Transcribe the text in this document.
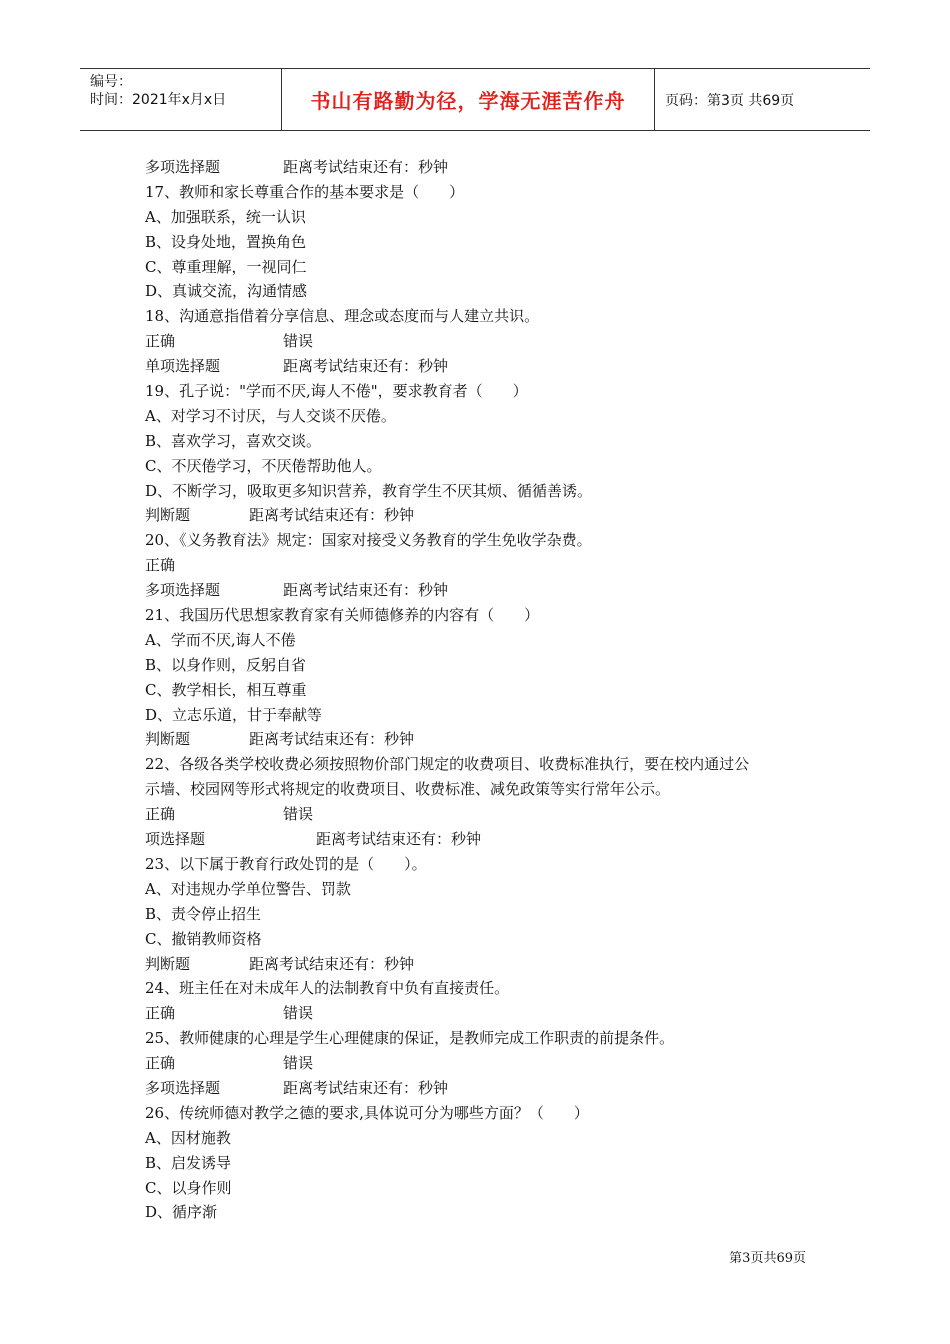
编号：
时间：2021年x月x日	书山有路勤为径，学海无涯苦作舟	页码：第3页 共69页
多项选择题	距离考试结束还有：秒钟
17、教师和家长尊重合作的基本要求是（　　）
A、加强联系，统一认识
B、设身处地，置换角色
C、尊重理解，一视同仁
D、真诚交流，沟通情感
18、沟通意指借着分享信息、理念或态度而与人建立共识。
正确	错误
单项选择题	距离考试结束还有：秒钟
19、孔子说："学而不厌,诲人不倦"，要求教育者（　　）
A、对学习不讨厌，与人交谈不厌倦。
B、喜欢学习，喜欢交谈。
C、不厌倦学习，不厌倦帮助他人。
D、不断学习，吸取更多知识营养，教育学生不厌其烦、循循善诱。
判断题	距离考试结束还有：秒钟
20、《义务教育法》规定：国家对接受义务教育的学生免收学杂费。
正确
多项选择题	距离考试结束还有：秒钟
21、我国历代思想家教育家有关师德修养的内容有（　　）
A、学而不厌,诲人不倦
B、以身作则，反躬自省
C、教学相长，相互尊重
D、立志乐道，甘于奉献等
判断题	距离考试结束还有：秒钟
22、各级各类学校收费必须按照物价部门规定的收费项目、收费标准执行，要在校内通过公
示墙、校园网等形式将规定的收费项目、收费标准、减免政策等实行常年公示。
正确	错误
项选择题	距离考试结束还有：秒钟
23、以下属于教育行政处罚的是（　　）。
A、对违规办学单位警告、罚款
B、责令停止招生
C、撤销教师资格
判断题	距离考试结束还有：秒钟
24、班主任在对未成年人的法制教育中负有直接责任。
正确	错误
25、教师健康的心理是学生心理健康的保证，是教师完成工作职责的前提条件。
正确	错误
多项选择题	距离考试结束还有：秒钟
26、传统师德对教学之德的要求,具体说可分为哪些方面？（　　）
A、因材施教
B、启发诱导
C、以身作则
D、循序渐
第3页共69页
